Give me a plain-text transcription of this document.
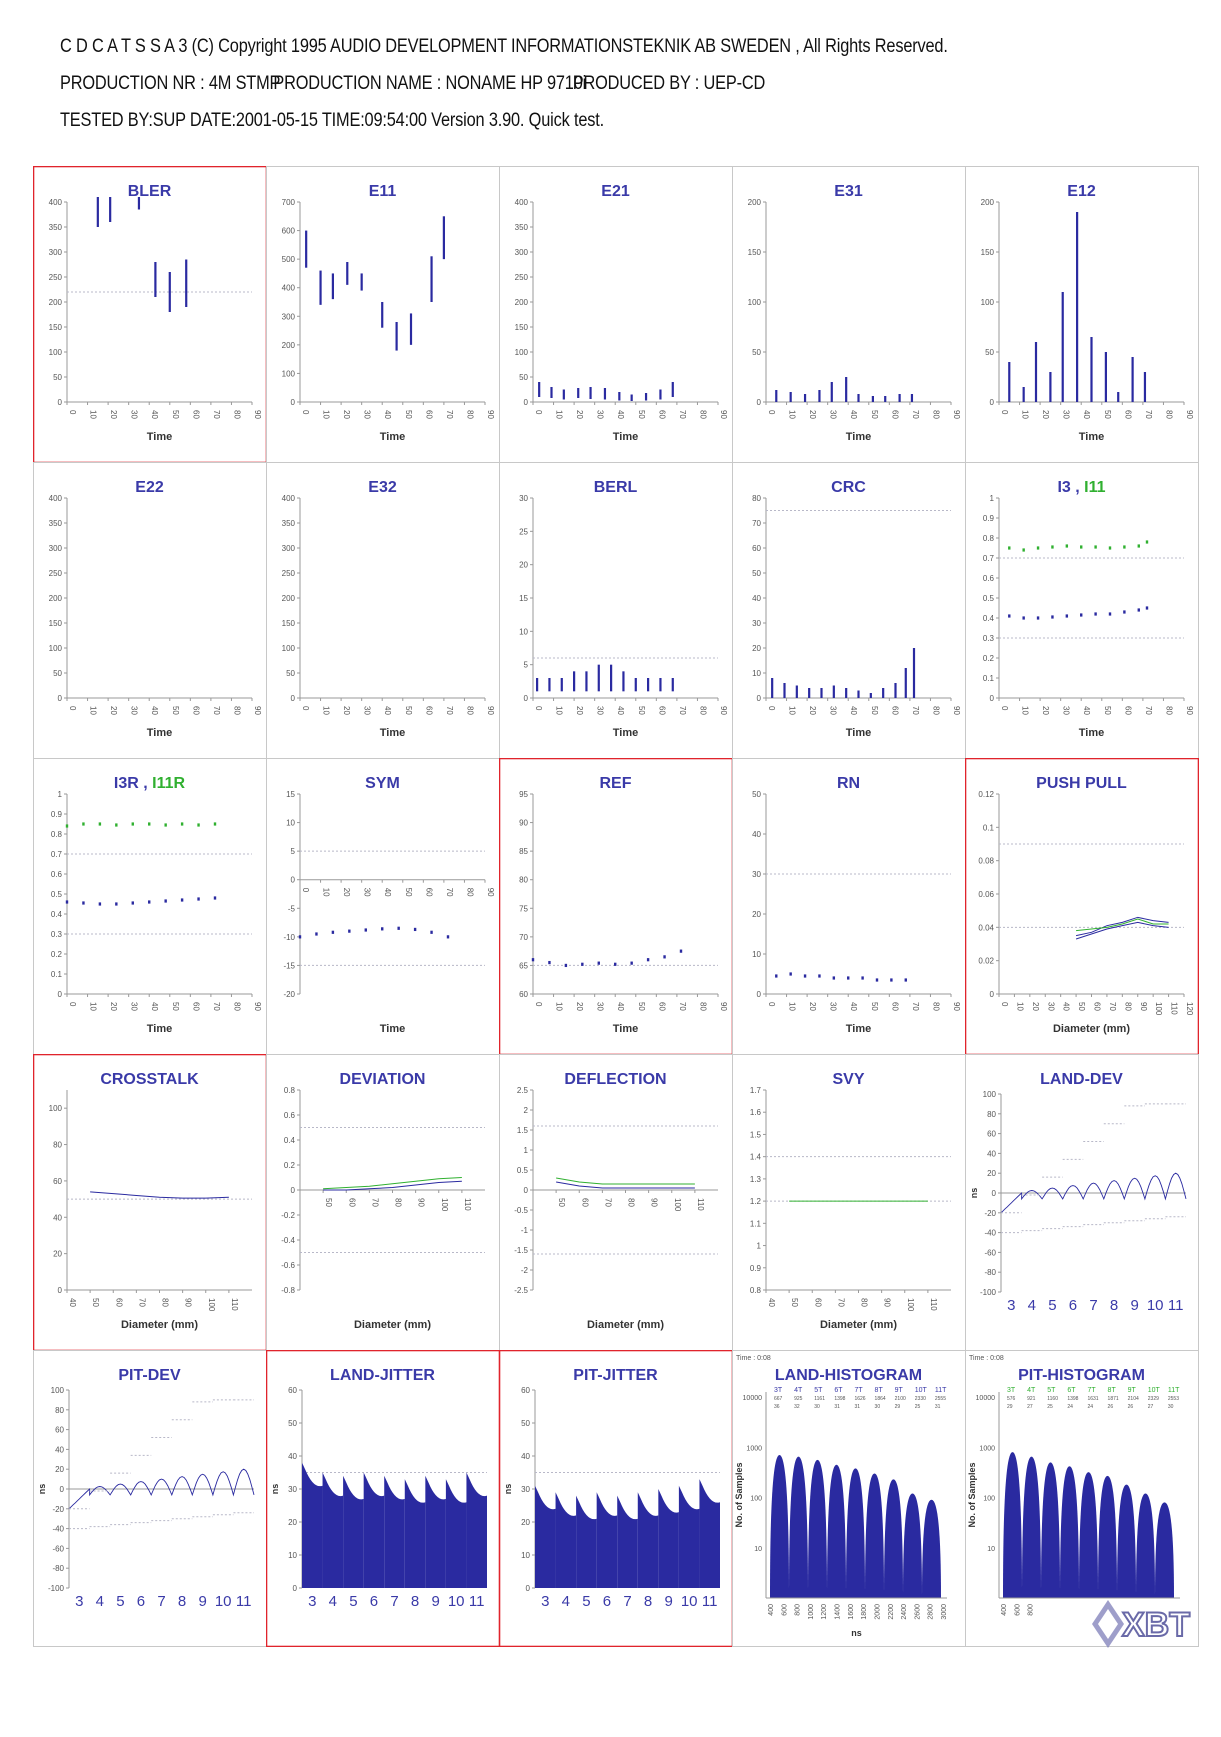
C D C A T S S A 3 (C) Copyright 1995 AUDIO DEVELOPMENT INFORMATIONSTEKNIK AB SWEDEN , All Rights Reserved.
PRODUCTION NR : 4M STMP PRODUCTION NAME : NONAME HP 9710i PRODUCED BY : UEP-CD
TESTED BY:SUP DATE:2001-05-15 TIME:09:54:00 Version 3.90. Quick test.
BLER
0
50
100
150
200
250
300
350
400
0 10 20 30 40 50 60 70 80 90
Time
E11
0
100
200
300
400
500
600
700
0 10 20 30 40 50 60 70 80 90
Time
E21
0
50
100
150
200
250
300
350
400
0 10 20 30 40 50 60 70 80 90
Time
E31
0
50
100
150
200
0 10 20 30 40 50 60 70 80 90
Time
E12
0
50
100
150
200
0 10 20 30 40 50 60 70 80 90
Time
E22
0
50
100
150
200
250
300
350
400
0 10 20 30 40 50 60 70 80 90
Time
E32
0
50
100
150
200
250
300
350
400
0 10 20 30 40 50 60 70 80 90
Time
BERL
0
5
10
15
20
25
30
0 10 20 30 40 50 60 70 80 90
Time
CRC
0
10
20
30
40
50
60
70
80
0 10 20 30 40 50 60 70 80 90
Time
I3 , I11
0
0.1
0.2
0.3
0.4
0.5
0.6
0.7
0.8
0.9
1
0 10 20 30 40 50 60 70 80 90
Time
I3R , I11R
0
0.1
0.2
0.3
0.4
0.5
0.6
0.7
0.8
0.9
1
0 10 20 30 40 50 60 70 80 90
Time
SYM
-20
-15
-10
-5
0
5
10
15
0 10 20 30 40 50 60 70 80 90
Time
REF
60
65
70
75
80
85
90
95
0 10 20 30 40 50 60 70 80 90
Time
RN
0
10
20
30
40
50
0 10 20 30 40 50 60 70 80 90
Time
PUSH PULL
0
0.02
0.04
0.06
0.08
0.1
0.12
0 10 20 30 40 50 60 70 80 90 100 110 120
Diameter (mm)
CROSSTALK
0
20
40
60
80
100
40 50 60 70 80 90 100 110
Diameter (mm)
DEVIATION
-0.8
-0.6
-0.4
-0.2
0
0.2
0.4
0.6
0.8
50 60 70 80 90 100 110
Diameter (mm)
DEFLECTION
-2.5
-2
-1.5
-1
-0.5
0
0.5
1
1.5
2
2.5
50 60 70 80 90 100 110
Diameter (mm)
SVY
0.8
0.9
1
1.1
1.2
1.3
1.4
1.5
1.6
1.7
40 50 60 70 80 90 100 110
Diameter (mm)
LAND-DEV
-100
-80
-60
-40
-20
0
20
40
60
80
100
ns
3 4 5 6 7 8 9 10 11
PIT-DEV
-100
-80
-60
-40
-20
0
20
40
60
80
100
ns
3 4 5 6 7 8 9 10 11
LAND-JITTER
0
10
20
30
40
50
60
ns
3 4 5 6 7 8 9 10 11
PIT-JITTER
0
10
20
30
40
50
60
ns
3 4 5 6 7 8 9 10 11
LAND-HISTOGRAM
Time : 0:08
10
100
1000
10000
No. of Samples
3T 4T 5T 6T 7T 8T 9T 10T 11T
667 925 1161 1398 1626 1864 2100 2330 2555
36	32	30	31	31	30	29	25	31
400 600 800 1000 1200 1400 1600 1800 2000 2200 2400 2600 2800 3000
ns
PIT-HISTOGRAM
Time : 0:08
10
100
1000
10000
No. of Samples
3T 4T 5T 6T 7T 8T 9T 10T 11T
576 921 1160 1398 1631 1871 2104 2329 2553
29	27	25	24	24	26	26	27	30
400 600 800	XBT
